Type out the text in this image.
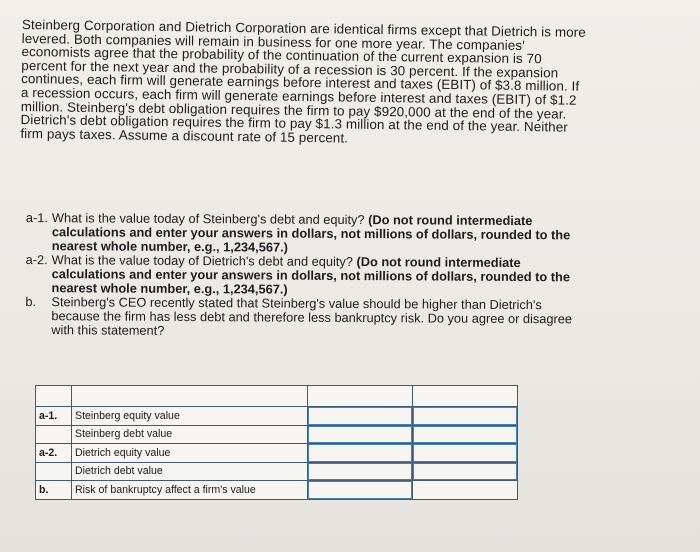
Steinberg Corporation and Dietrich Corporation are identical firms except that Dietrich is more levered. Both companies will remain in business for one more year. The companies' economists agree that the probability of the continuation of the current expansion is 70 percent for the next year and the probability of a recession is 30 percent. If the expansion continues, each firm will generate earnings before interest and taxes (EBIT) of $3.8 million. If a recession occurs, each firm will generate earnings before interest and taxes (EBIT) of $1.2 million. Steinberg's debt obligation requires the firm to pay $920,000 at the end of the year. Dietrich's debt obligation requires the firm to pay $1.3 million at the end of the year. Neither firm pays taxes. Assume a discount rate of 15 percent.
a-1. What is the value today of Steinberg's debt and equity? (Do not round intermediate calculations and enter your answers in dollars, not millions of dollars, rounded to the nearest whole number, e.g., 1,234,567.)
a-2. What is the value today of Dietrich's debt and equity? (Do not round intermediate calculations and enter your answers in dollars, not millions of dollars, rounded to the nearest whole number, e.g., 1,234,567.)
b.	Steinberg's CEO recently stated that Steinberg's value should be higher than Dietrich's because the firm has less debt and therefore less bankruptcy risk. Do you agree or disagree with this statement?

a-1.	Steinberg equity value	

	Steinberg debt value	

a-2.	Dietrich equity value	

	Dietrich debt value	

b.	Risk of bankruptcy affect a firm's value	
